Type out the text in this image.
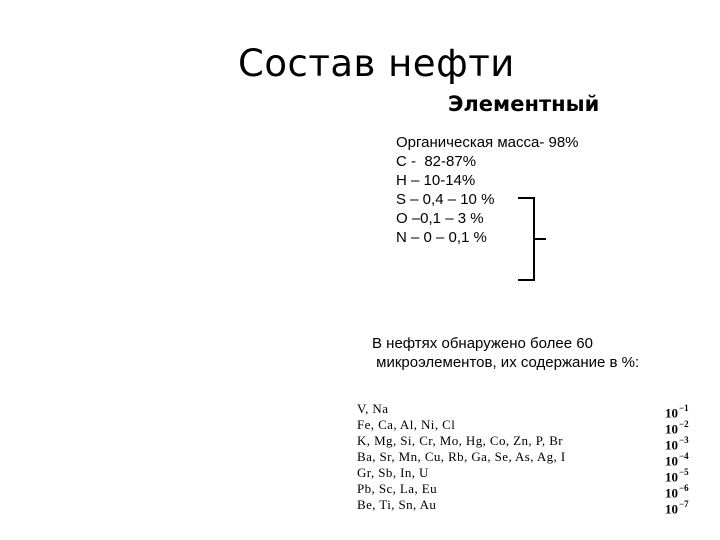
Состав нефти
Элементный
Органическая масса- 98%
С -  82-87%
Н – 10-14%
S – 0,4 – 10 %
О –0,1 – 3 %
N – 0 – 0,1 %
В нефтях обнаружено более 60
микроэлементов, их содержание в %:
V, Na	$10^{-1}$
Fe, Ca, Al, Ni, Cl	$10^{-2}$
K, Mg, Si, Cr, Mo, Hg, Co, Zn, P, Br	$10^{-3}$
Ba, Sr, Mn, Cu, Rb, Ga, Se, As, Ag, I	$10^{-4}$
Gr, Sb, In, U	$10^{-5}$
Pb, Sc, La, Eu	$10^{-6}$
Be, Ti, Sn, Au	$10^{-7}$
